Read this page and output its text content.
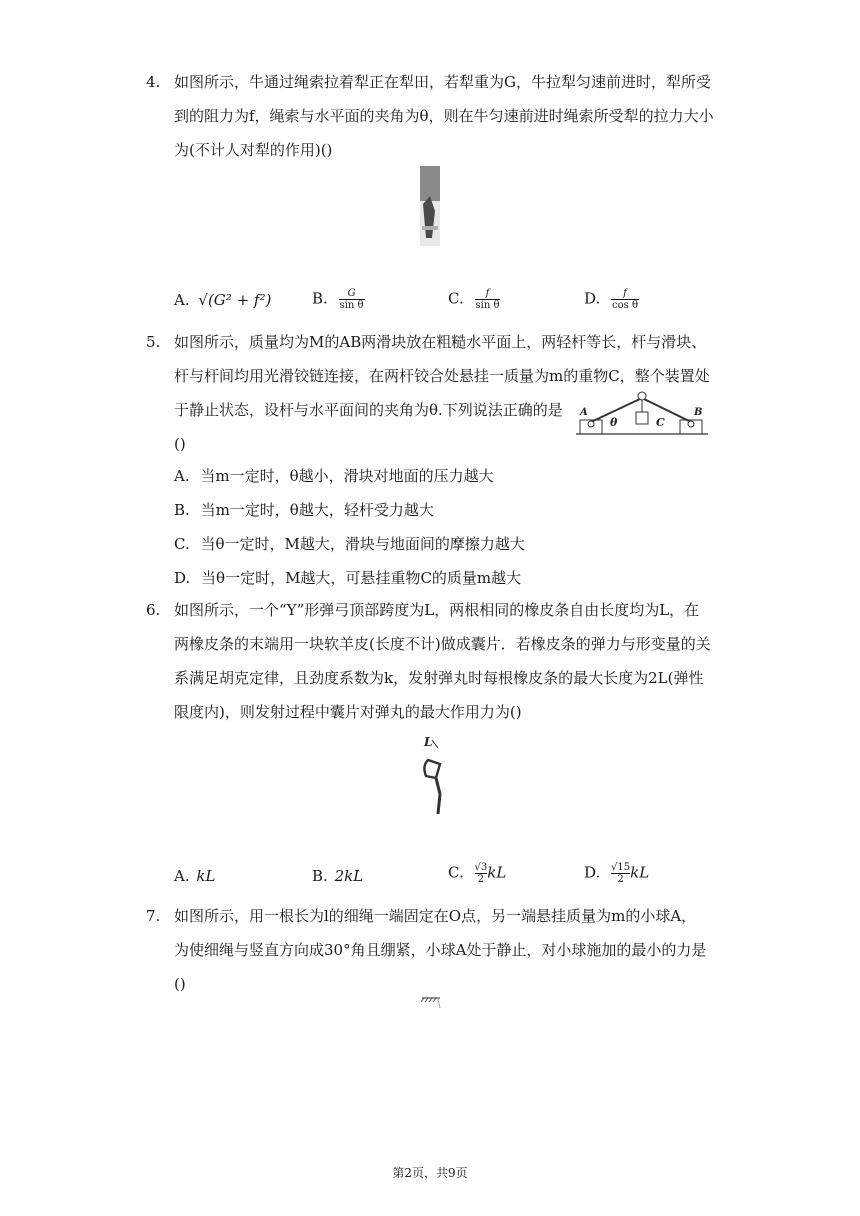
4. 如图所示，牛通过绳索拉着犁正在犁田，若犁重为G，牛拉犁匀速前进时，犁所受
到的阻力为f，绳索与水平面的夹角为θ，则在牛匀速前进时绳索所受犁的拉力大小
为(不计人对犁的作用)()
A. √(G² + f²)	B. $\frac{G}{\text{sin θ}}$	C. $\frac{f}{\text{sin θ}}$	D. $\frac{f}{\text{cos θ}}$
5. 如图所示，质量均为M的AB两滑块放在粗糙水平面上，两轻杆等长，杆与滑块、
杆与杆间均用光滑铰链连接，在两杆铰合处悬挂一质量为m的重物C，整个装置处
于静止状态，设杆与水平面间的夹角为θ.下列说法正确的是
()
A
θ	C
B
A. 当m一定时，θ越小，滑块对地面的压力越大
B. 当m一定时，θ越大，轻杆受力越大
C. 当θ一定时，M越大，滑块与地面间的摩擦力越大
D. 当θ一定时，M越大，可悬挂重物C的质量m越大
6. 如图所示，一个“Y”形弹弓顶部跨度为L，两根相同的橡皮条自由长度均为L，在
两橡皮条的末端用一块软羊皮(长度不计)做成囊片．若橡皮条的弹力与形变量的关
系满足胡克定律，且劲度系数为k，发射弹丸时每根橡皮条的最大长度为2L(弹性
限度内)，则发射过程中囊片对弹丸的最大作用力为()
L
A. kL	B. 2kL	C. $\frac{√3}{2}$ kL	D. $\frac{√15}{2}$ kL
7. 如图所示，用一根长为l的细绳一端固定在O点，另一端悬挂质量为m的小球A，
为使细绳与竖直方向成30°角且绷紧，小球A处于静止，对小球施加的最小的力是
()
第2页，共9页
